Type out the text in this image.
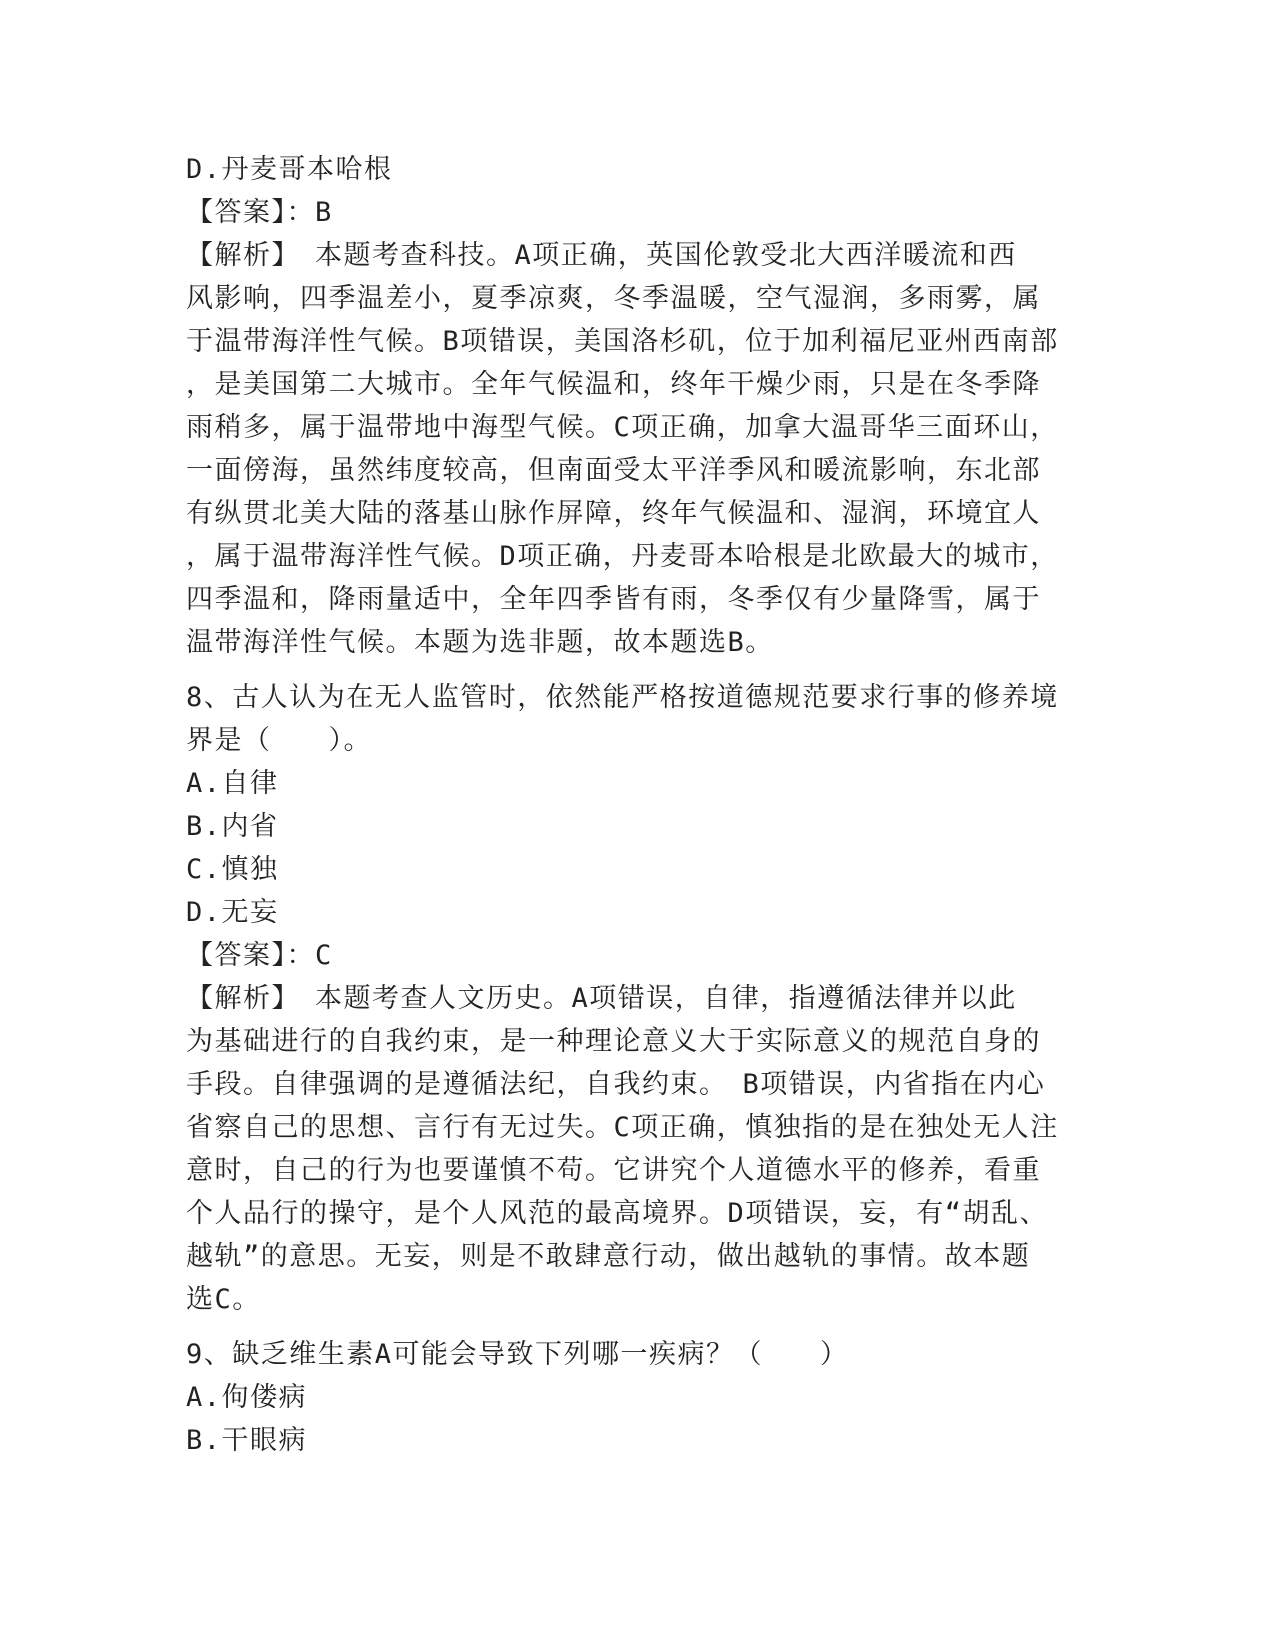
D.丹麦哥本哈根
【答案】：B
【解析】　本题考查科技。A项正确，英国伦敦受北大西洋暖流和西
风影响，四季温差小，夏季凉爽，冬季温暖，空气湿润，多雨雾，属
于温带海洋性气候。B项错误，美国洛杉矶，位于加利福尼亚州西南部
，是美国第二大城市。全年气候温和，终年干燥少雨，只是在冬季降
雨稍多，属于温带地中海型气候。C项正确，加拿大温哥华三面环山，
一面傍海，虽然纬度较高，但南面受太平洋季风和暖流影响，东北部
有纵贯北美大陆的落基山脉作屏障，终年气候温和、湿润，环境宜人
，属于温带海洋性气候。D项正确，丹麦哥本哈根是北欧最大的城市，
四季温和，降雨量适中，全年四季皆有雨，冬季仅有少量降雪，属于
温带海洋性气候。本题为选非题，故本题选B。
8、古人认为在无人监管时，依然能严格按道德规范要求行事的修养境
界是（　　）。
A.自律
B.内省
C.慎独
D.无妄
【答案】：C
【解析】　本题考查人文历史。A项错误，自律，指遵循法律并以此
为基础进行的自我约束，是一种理论意义大于实际意义的规范自身的
手段。自律强调的是遵循法纪，自我约束。　B项错误，内省指在内心
省察自己的思想、言行有无过失。C项正确，慎独指的是在独处无人注
意时，自己的行为也要谨慎不苟。它讲究个人道德水平的修养，看重
个人品行的操守，是个人风范的最高境界。D项错误，妄，有“胡乱、
越轨”的意思。无妄，则是不敢肆意行动，做出越轨的事情。故本题
选C。
9、缺乏维生素A可能会导致下列哪一疾病？（　　）
A.佝偻病
B.干眼病
